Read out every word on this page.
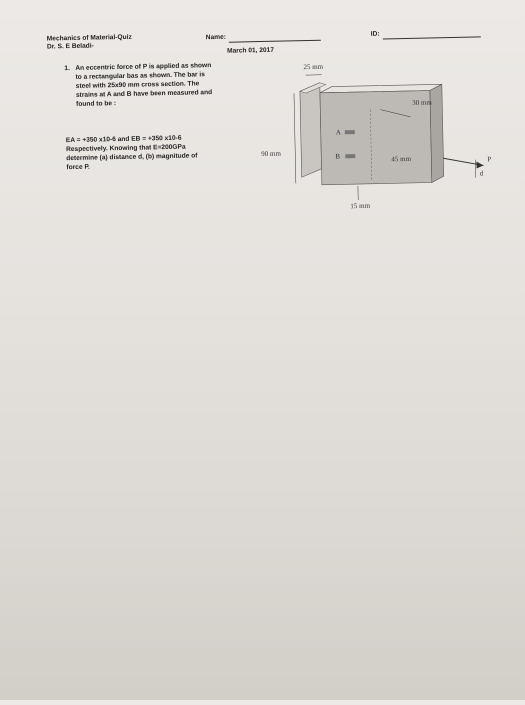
Mechanics of Material-Quiz
Dr. S. E Beladi-
Name:
March 01, 2017
ID:
1. An eccentric force of P is applied as shown
to a rectangular bas as shown. The bar is
steel with 25x90 mm cross section. The
strains at A and B have been measured and
found to be :
EA = +350 x10-6 and EB = +350 x10-6
Respectively. Knowing that E=200GPa
determine (a) distance d, (b) magnitude of
force P.
25 mm
30 mm
90 mm
15 mm
45 mm
A
B	P
d
